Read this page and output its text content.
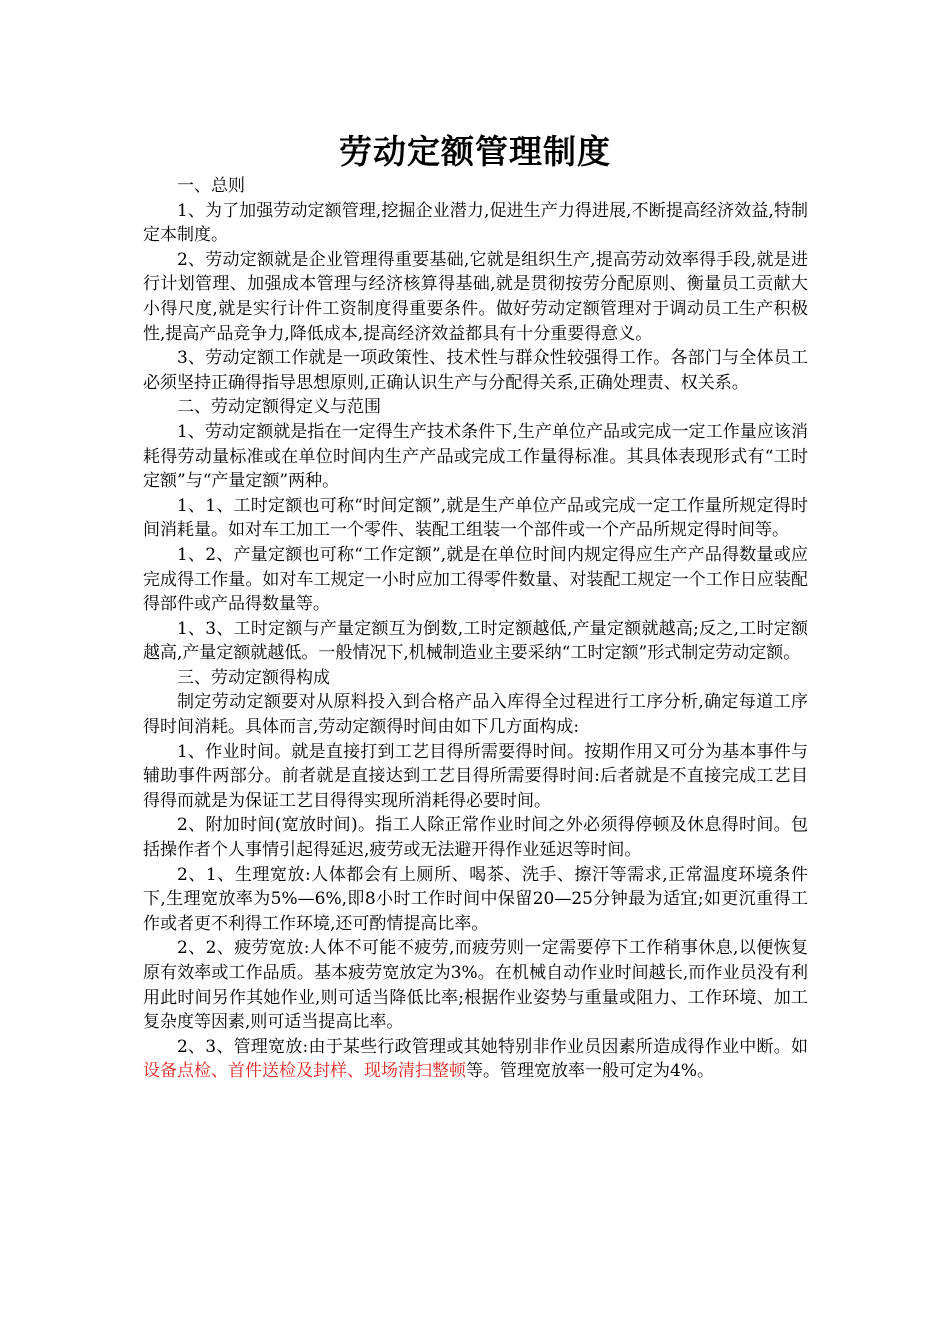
劳动定额管理制度

一、总则

1、为了加强劳动定额管理,挖掘企业潜力,促进生产力得进展,不断提高经济效益,特制定本制度。

2、劳动定额就是企业管理得重要基础,它就是组织生产,提高劳动效率得手段,就是进行计划管理、加强成本管理与经济核算得基础,就是贯彻按劳分配原则、衡量员工贡献大小得尺度,就是实行计件工资制度得重要条件。做好劳动定额管理对于调动员工生产积极性,提高产品竞争力,降低成本,提高经济效益都具有十分重要得意义。

3、劳动定额工作就是一项政策性、技术性与群众性较强得工作。各部门与全体员工必须坚持正确得指导思想原则,正确认识生产与分配得关系,正确处理责、权关系。

二、劳动定额得定义与范围

1、劳动定额就是指在一定得生产技术条件下,生产单位产品或完成一定工作量应该消耗得劳动量标准或在单位时间内生产产品或完成工作量得标准。其具体表现形式有“工时定额”与“产量定额”两种。

1、1、工时定额也可称“时间定额”,就是生产单位产品或完成一定工作量所规定得时间消耗量。如对车工加工一个零件、装配工组装一个部件或一个产品所规定得时间等。

1、2、产量定额也可称“工作定额”,就是在单位时间内规定得应生产产品得数量或应完成得工作量。如对车工规定一小时应加工得零件数量、对装配工规定一个工作日应装配得部件或产品得数量等。

1、3、工时定额与产量定额互为倒数,工时定额越低,产量定额就越高;反之,工时定额越高,产量定额就越低。一般情况下,机械制造业主要采纳“工时定额”形式制定劳动定额。

三、劳动定额得构成

制定劳动定额要对从原料投入到合格产品入库得全过程进行工序分析,确定每道工序得时间消耗。具体而言,劳动定额得时间由如下几方面构成:

1、作业时间。就是直接打到工艺目得所需要得时间。按期作用又可分为基本事件与辅助事件两部分。前者就是直接达到工艺目得所需要得时间:后者就是不直接完成工艺目得得而就是为保证工艺目得得实现所消耗得必要时间。

2、附加时间(宽放时间)。指工人除正常作业时间之外必须得停顿及休息得时间。包括操作者个人事情引起得延迟,疲劳或无法避开得作业延迟等时间。

2、1、生理宽放:人体都会有上厕所、喝茶、洗手、擦汗等需求,正常温度环境条件下,生理宽放率为5%—6%,即8小时工作时间中保留20—25分钟最为适宜;如更沉重得工作或者更不利得工作环境,还可酌情提高比率。

2、2、疲劳宽放:人体不可能不疲劳,而疲劳则一定需要停下工作稍事休息,以便恢复原有效率或工作品质。基本疲劳宽放定为3%。在机械自动作业时间越长,而作业员没有利用此时间另作其她作业,则可适当降低比率;根据作业姿势与重量或阻力、工作环境、加工复杂度等因素,则可适当提高比率。

2、3、管理宽放:由于某些行政管理或其她特别非作业员因素所造成得作业中断。如设备点检、首件送检及封样、现场清扫整顿等。管理宽放率一般可定为4%。
